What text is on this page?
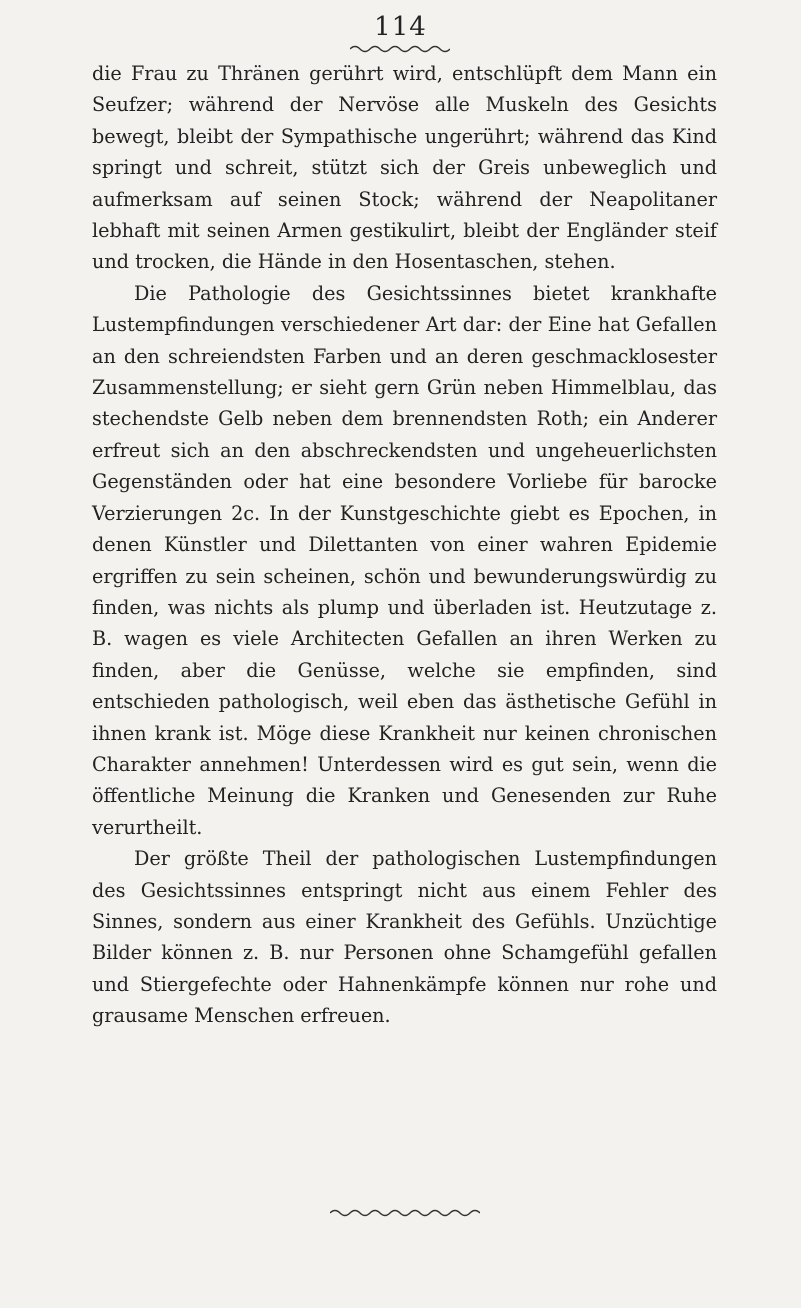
114

die Frau zu Thränen gerührt wird, entschlüpft dem Mann ein Seufzer; während der Nervöse alle Muskeln des Gesichts bewegt, bleibt der Sympathische ungerührt; während das Kind springt und schreit, stützt sich der Greis unbeweglich und aufmerksam auf seinen Stock; während der Neapolitaner lebhaft mit seinen Armen gestikulirt, bleibt der Engländer steif und trocken, die Hände in den Hosentaschen, stehen.

Die Pathologie des Gesichtssinnes bietet krankhafte Lustempfindungen verschiedener Art dar: der Eine hat Gefallen an den schreiendsten Farben und an deren geschmacklosester Zusammenstellung; er sieht gern Grün neben Himmelblau, das stechendste Gelb neben dem brennendsten Roth; ein Anderer erfreut sich an den abschreckendsten und ungeheuerlichsten Gegenständen oder hat eine besondere Vorliebe für barocke Verzierungen 2c. In der Kunstgeschichte giebt es Epochen, in denen Künstler und Dilettanten von einer wahren Epidemie ergriffen zu sein scheinen, schön und bewunderungswürdig zu finden, was nichts als plump und überladen ist. Heutzutage z. B. wagen es viele Architecten Gefallen an ihren Werken zu finden, aber die Genüsse, welche sie empfinden, sind entschieden pathologisch, weil eben das ästhetische Gefühl in ihnen krank ist. Möge diese Krankheit nur keinen chronischen Charakter annehmen! Unterdessen wird es gut sein, wenn die öffentliche Meinung die Kranken und Genesenden zur Ruhe verurtheilt.

Der größte Theil der pathologischen Lustempfindungen des Gesichtssinnes entspringt nicht aus einem Fehler des Sinnes, sondern aus einer Krankheit des Gefühls. Unzüchtige Bilder können z. B. nur Personen ohne Schamgefühl gefallen und Stiergefechte oder Hahnenkämpfe können nur rohe und grausame Menschen erfreuen.
